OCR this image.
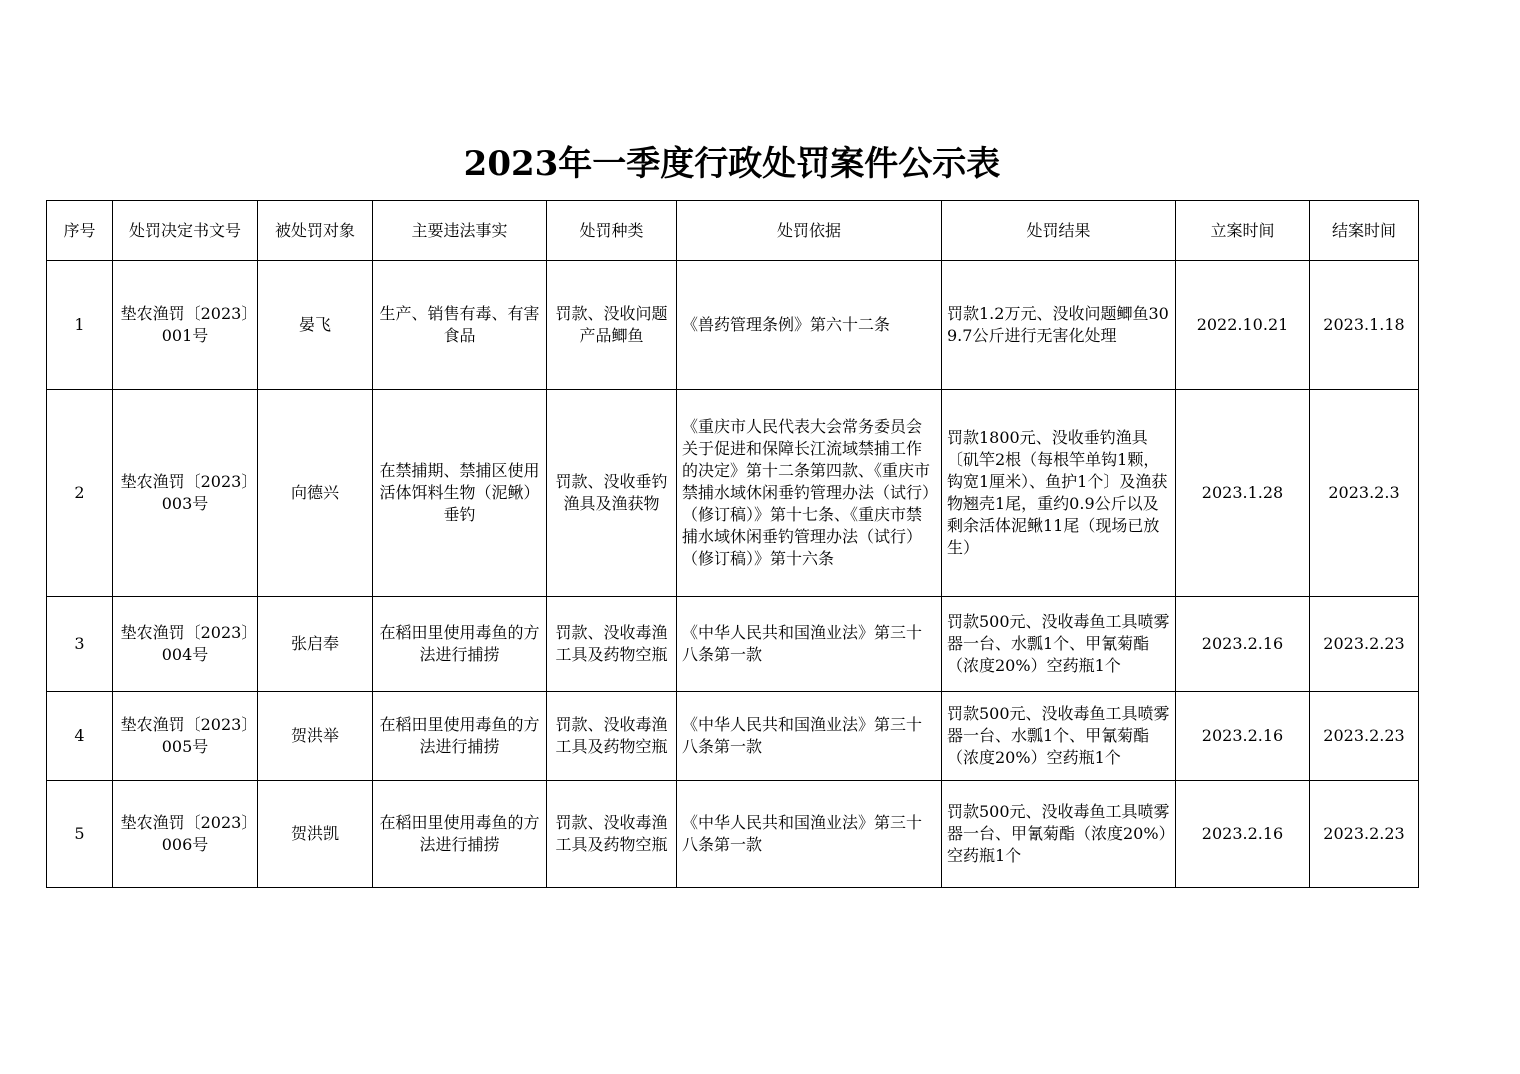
2023年一季度行政处罚案件公示表
序号	处罚决定书文号	被处罚对象	主要违法事实	处罚种类	处罚依据	处罚结果	立案时间	结案时间
1	垫农渔罚〔2023〕001号	晏飞	生产、销售有毒、有害食品	罚款、没收问题产品鲫鱼	《兽药管理条例》第六十二条	罚款1.2万元、没收问题鲫鱼309.7公斤进行无害化处理	2022.10.21	2023.1.18
2	垫农渔罚〔2023〕003号	向德兴	在禁捕期、禁捕区使用活体饵料生物（泥鳅）垂钓	罚款、没收垂钓渔具及渔获物	《重庆市人民代表大会常务委员会关于促进和保障长江流域禁捕工作的决定》第十二条第四款、《重庆市禁捕水域休闲垂钓管理办法（试行）（修订稿）》第十七条、《重庆市禁捕水域休闲垂钓管理办法（试行）（修订稿）》第十六条	罚款1800元、没收垂钓渔具〔矶竿2根（每根竿单钩1颗，钩宽1厘米）、鱼护1个〕及渔获物翘壳1尾，重约0.9公斤以及剩余活体泥鳅11尾（现场已放生）	2023.1.28	2023.2.3
3	垫农渔罚〔2023〕004号	张启奉	在稻田里使用毒鱼的方法进行捕捞	罚款、没收毒渔工具及药物空瓶	《中华人民共和国渔业法》第三十八条第一款	罚款500元、没收毒鱼工具喷雾器一台、水瓢1个、甲氰菊酯（浓度20%）空药瓶1个	2023.2.16	2023.2.23
4	垫农渔罚〔2023〕005号	贺洪举	在稻田里使用毒鱼的方法进行捕捞	罚款、没收毒渔工具及药物空瓶	《中华人民共和国渔业法》第三十八条第一款	罚款500元、没收毒鱼工具喷雾器一台、水瓢1个、甲氰菊酯（浓度20%）空药瓶1个	2023.2.16	2023.2.23
5	垫农渔罚〔2023〕006号	贺洪凯	在稻田里使用毒鱼的方法进行捕捞	罚款、没收毒渔工具及药物空瓶	《中华人民共和国渔业法》第三十八条第一款	罚款500元、没收毒鱼工具喷雾器一台、甲氰菊酯（浓度20%）空药瓶1个	2023.2.16	2023.2.23
